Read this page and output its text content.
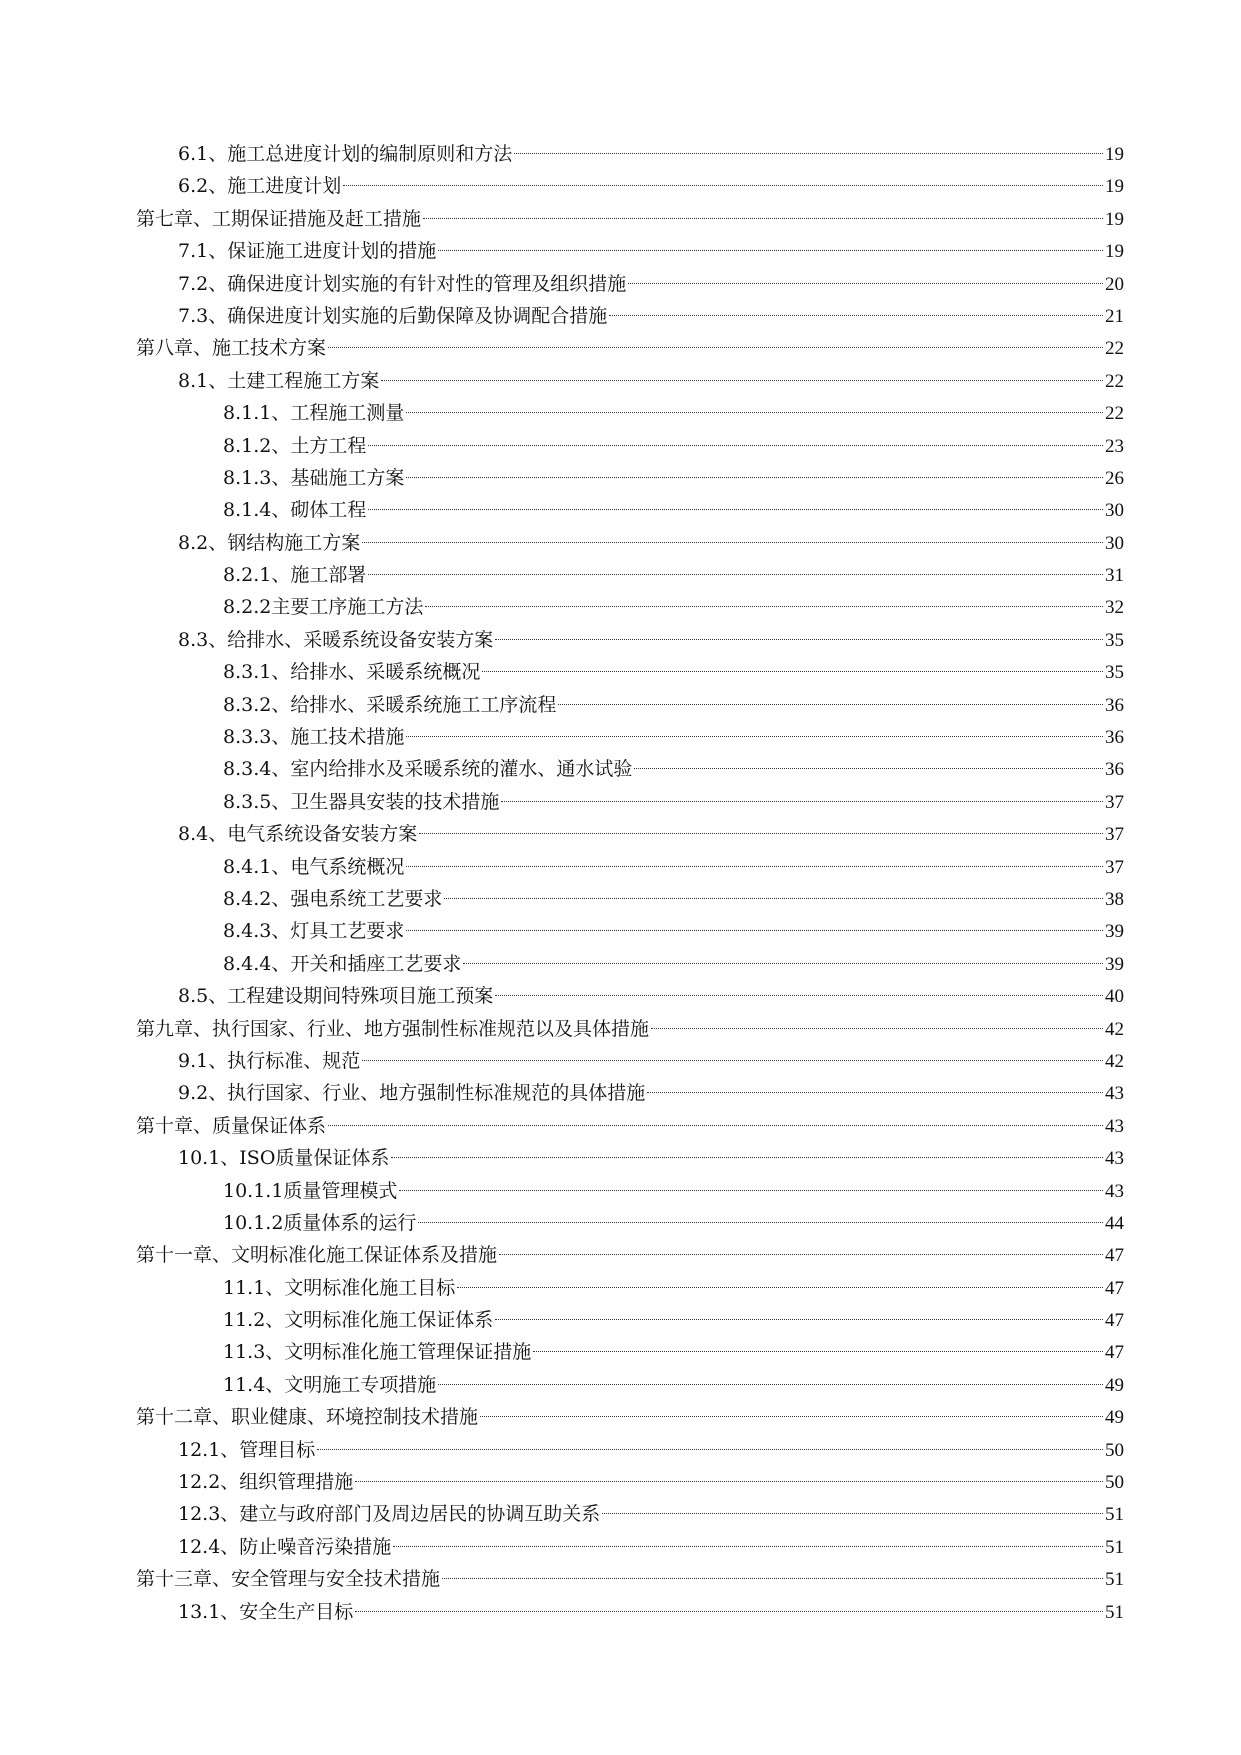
6.1、施工总进度计划的编制原则和方法	19
6.2、施工进度计划	19
第七章、工期保证措施及赶工措施	19
7.1、保证施工进度计划的措施	19
7.2、确保进度计划实施的有针对性的管理及组织措施	20
7.3、确保进度计划实施的后勤保障及协调配合措施	21
第八章、施工技术方案	22
8.1、土建工程施工方案	22
8.1.1、工程施工测量	22
8.1.2、土方工程	23
8.1.3、基础施工方案	26
8.1.4、砌体工程	30
8.2、钢结构施工方案	30
8.2.1、施工部署	31
8.2.2主要工序施工方法	32
8.3、给排水、采暖系统设备安装方案	35
8.3.1、给排水、采暖系统概况	35
8.3.2、给排水、采暖系统施工工序流程	36
8.3.3、施工技术措施	36
8.3.4、室内给排水及采暖系统的灌水、通水试验	36
8.3.5、卫生器具安装的技术措施	37
8.4、电气系统设备安装方案	37
8.4.1、电气系统概况	37
8.4.2、强电系统工艺要求	38
8.4.3、灯具工艺要求	39
8.4.4、开关和插座工艺要求	39
8.5、工程建设期间特殊项目施工预案	40
第九章、执行国家、行业、地方强制性标准规范以及具体措施	42
9.1、执行标准、规范	42
9.2、执行国家、行业、地方强制性标准规范的具体措施	43
第十章、质量保证体系	43
10.1、ISO质量保证体系	43
10.1.1质量管理模式	43
10.1.2质量体系的运行	44
第十一章、文明标准化施工保证体系及措施	47
11.1、文明标准化施工目标	47
11.2、文明标准化施工保证体系	47
11.3、文明标准化施工管理保证措施	47
11.4、文明施工专项措施	49
第十二章、职业健康、环境控制技术措施	49
12.1、管理目标	50
12.2、组织管理措施	50
12.3、建立与政府部门及周边居民的协调互助关系	51
12.4、防止噪音污染措施	51
第十三章、安全管理与安全技术措施	51
13.1、安全生产目标	51
